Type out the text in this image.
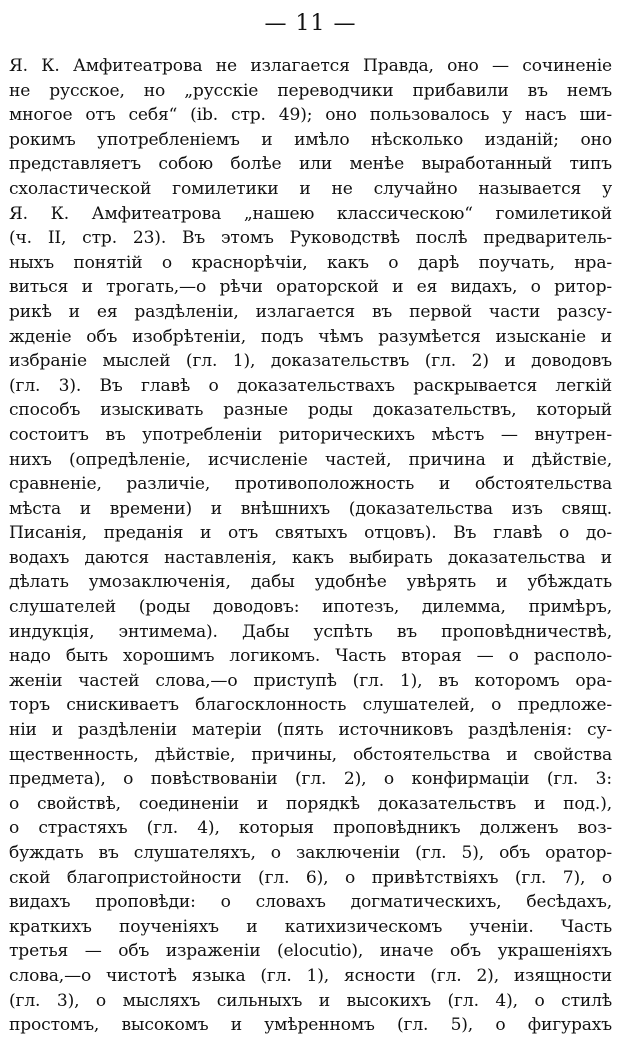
— 11 —
Я. К. Амфитеатрова не излагается Правда, оно — сочиненіе
не русское, но „русскіе переводчики прибавили въ немъ
многое отъ себя“ (ib. стр. 49); оно пользовалось у насъ ши-
рокимъ употребленіемъ и имѣло нѣсколько изданій; оно
представляетъ собою болѣе или менѣе выработанный типъ
схоластической гомилетики и не случайно называется у
Я. К. Амфитеатрова „нашею классическою“ гомилетикой
(ч. II, стр. 23). Въ этомъ Руководствѣ послѣ предваритель-
ныхъ понятій о краснорѣчіи, какъ о дарѣ поучать, нра-
виться и трогать,—о рѣчи ораторской и ея видахъ, о ритор-
рикѣ и ея раздѣленіи, излагается въ первой части разсу-
жденіе объ изобрѣтеніи, подъ чѣмъ разумѣется изысканіе и
избраніе мыслей (гл. 1), доказательствъ (гл. 2) и доводовъ
(гл. 3). Въ главѣ о доказательствахъ раскрывается легкій
способъ изыскивать разные роды доказательствъ, который
состоитъ въ употребленіи риторическихъ мѣстъ — внутрен-
нихъ (опредѣленіе, исчисленіе частей, причина и дѣйствіе,
сравненіе, различіе, противоположность и обстоятельства
мѣста и времени) и внѣшнихъ (доказательства изъ свящ.
Писанія, преданія и отъ святыхъ отцовъ). Въ главѣ о до-
водахъ даются наставленія, какъ выбирать доказательства и
дѣлать умозаключенія, дабы удобнѣе увѣрять и убѣждать
слушателей (роды доводовъ: ипотезъ, дилемма, примѣръ,
индукція, энтимема). Дабы успѣть въ проповѣдничествѣ,
надо быть хорошимъ логикомъ. Часть вторая — о располо-
женіи частей слова,—о приступѣ (гл. 1), въ которомъ орa-
торъ снискиваетъ благосклонность слушателей, о предложе-
ніи и раздѣленіи матеріи (пять источниковъ раздѣленія: су-
щественность, дѣйствіе, причины, обстоятельства и свойства
предмета), о повѣствованіи (гл. 2), о конфирмаціи (гл. 3:
о свойствѣ, соединеніи и порядкѣ доказательствъ и под.),
о страстяхъ (гл. 4), которыя проповѣдникъ долженъ воз-
буждать въ слушателяхъ, о заключеніи (гл. 5), объ оратор-
ской благопристойности (гл. 6), о привѣтствіяхъ (гл. 7), о
видахъ проповѣди: о словахъ догматическихъ, бесѣдахъ,
краткихъ поученіяхъ и катихизическомъ ученіи. Часть
третья — объ израженіи (elocutio), иначе объ украшеніяхъ
слова,—о чистотѣ языка (гл. 1), ясности (гл. 2), изящности
(гл. 3), о мысляхъ сильныхъ и высокихъ (гл. 4), о стилѣ
простомъ, высокомъ и умѣренномъ (гл. 5), о фигурахъ
